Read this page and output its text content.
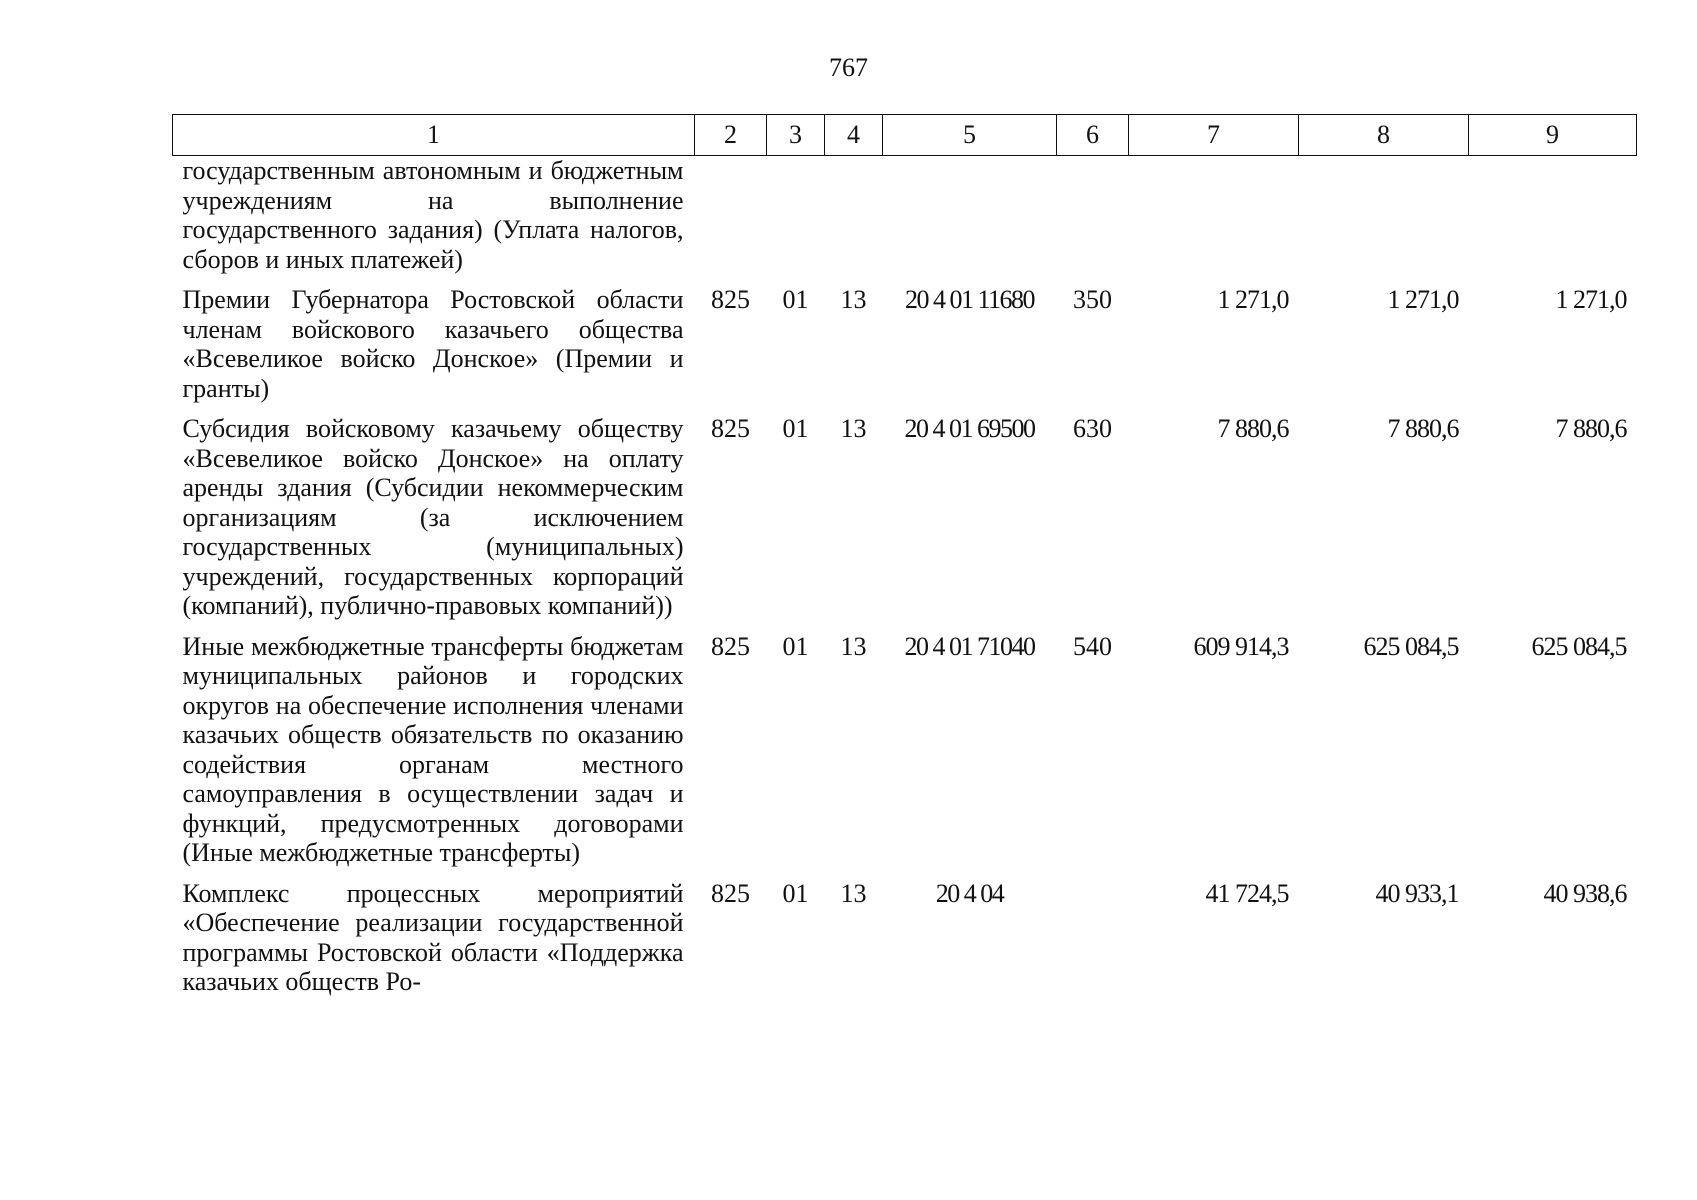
767
1	2	3	4	5	6	7	8	9
государственным автономным и бюджетным учреждениям на выполнение государственного задания) (Уплата налогов, сборов и иных платежей)								
Премии Губернатора Ростовской области членам войскового казачьего общества «Всевеликое войско Донское» (Премии и гранты)	825	01	13	20 4 01 11680	350	1 271,0	1 271,0	1 271,0
Субсидия войсковому казачьему обществу «Всевеликое войско Донское» на оплату аренды здания (Субсидии некоммерческим организациям (за исключением государственных (муниципальных) учреждений, государственных корпораций (компаний), публично-правовых компаний))	825	01	13	20 4 01 69500	630	7 880,6	7 880,6	7 880,6
Иные межбюджетные трансферты бюджетам муниципальных районов и городских округов на обеспечение исполнения членами казачьих обществ обязательств по оказанию содействия органам местного самоуправления в осуществлении задач и функций, предусмотренных договорами (Иные межбюджетные трансферты)	825	01	13	20 4 01 71040	540	609 914,3	625 084,5	625 084,5
Комплекс процессных мероприятий «Обеспечение реализации государственной программы Ростовской области «Поддержка казачьих обществ Ро-	825	01	13	20 4 04		41 724,5	40 933,1	40 938,6
